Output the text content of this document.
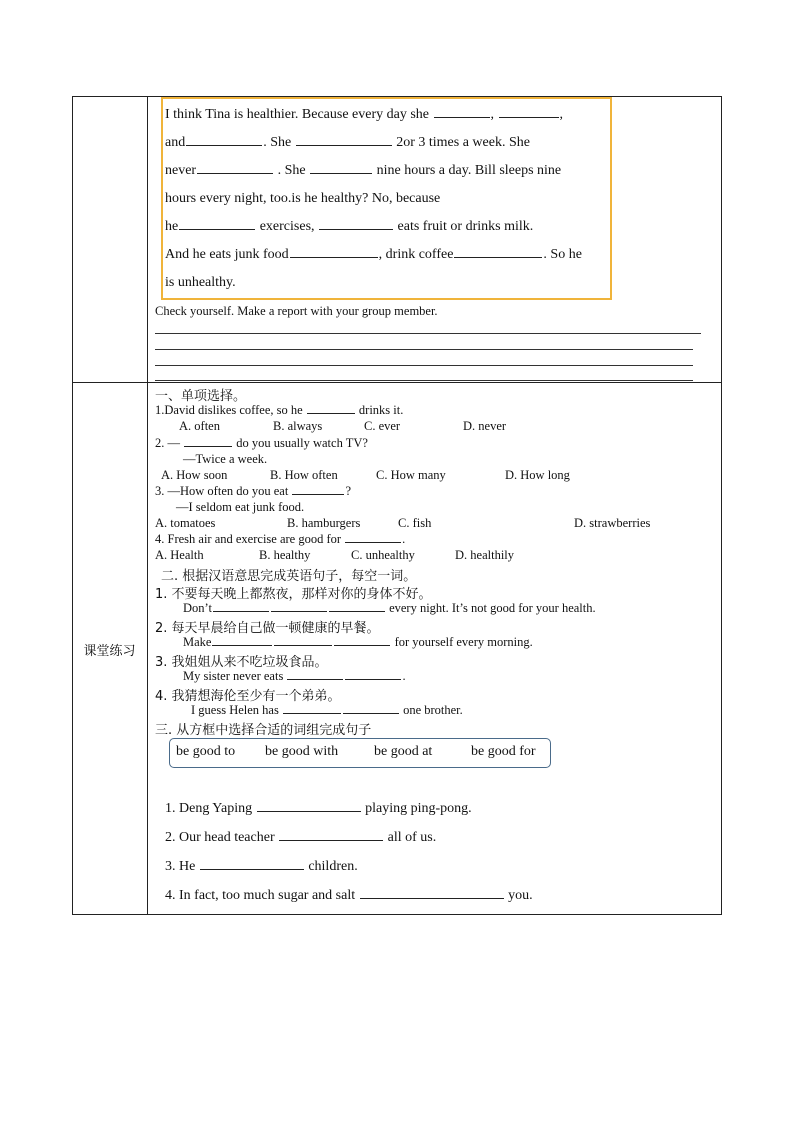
I think Tina is healthier. Because every day she	,	,
and	. She	2or 3 times a week. She
never	. She	nine hours a day. Bill sleeps nine
hours every night, too.is he healthy? No, because
he	exercises,	eats fruit or drinks milk.
And he eats junk food	, drink coffee	. So he
is unhealthy.
Check yourself. Make a report with your group member.
课堂练习
一、单项选择。
1.David dislikes coffee, so he	drinks it.
A. often	B. always	C. ever	D. never
2. —	do you usually watch TV?
—Twice a week.
A. How soon	B. How often	C. How many	D. How long
3. —How often do you eat	?
—I seldom eat junk food.
A. tomatoes	B. hamburgers	C. fish	D. strawberries
4. Fresh air and exercise are good for	.
A. Health	B. healthy	C. unhealthy	D. healthily
二. 根据汉语意思完成英语句子，每空一词。
1. 不要每天晚上都熬夜，那样对你的身体不好。
Don’t	every night. It’s not good for your health.
2. 每天早晨给自己做一顿健康的早餐。
Make	for yourself every morning.
3. 我姐姐从来不吃垃圾食品。
My sister never eats	.
4. 我猜想海伦至少有一个弟弟。
I guess Helen has	one brother.
三. 从方框中选择合适的词组完成句子
be good to be good with	be good at	be good for
1. Deng Yaping	playing ping-pong.
2. Our head teacher	all of us.
3. He	children.
4. In fact, too much sugar and salt	you.
